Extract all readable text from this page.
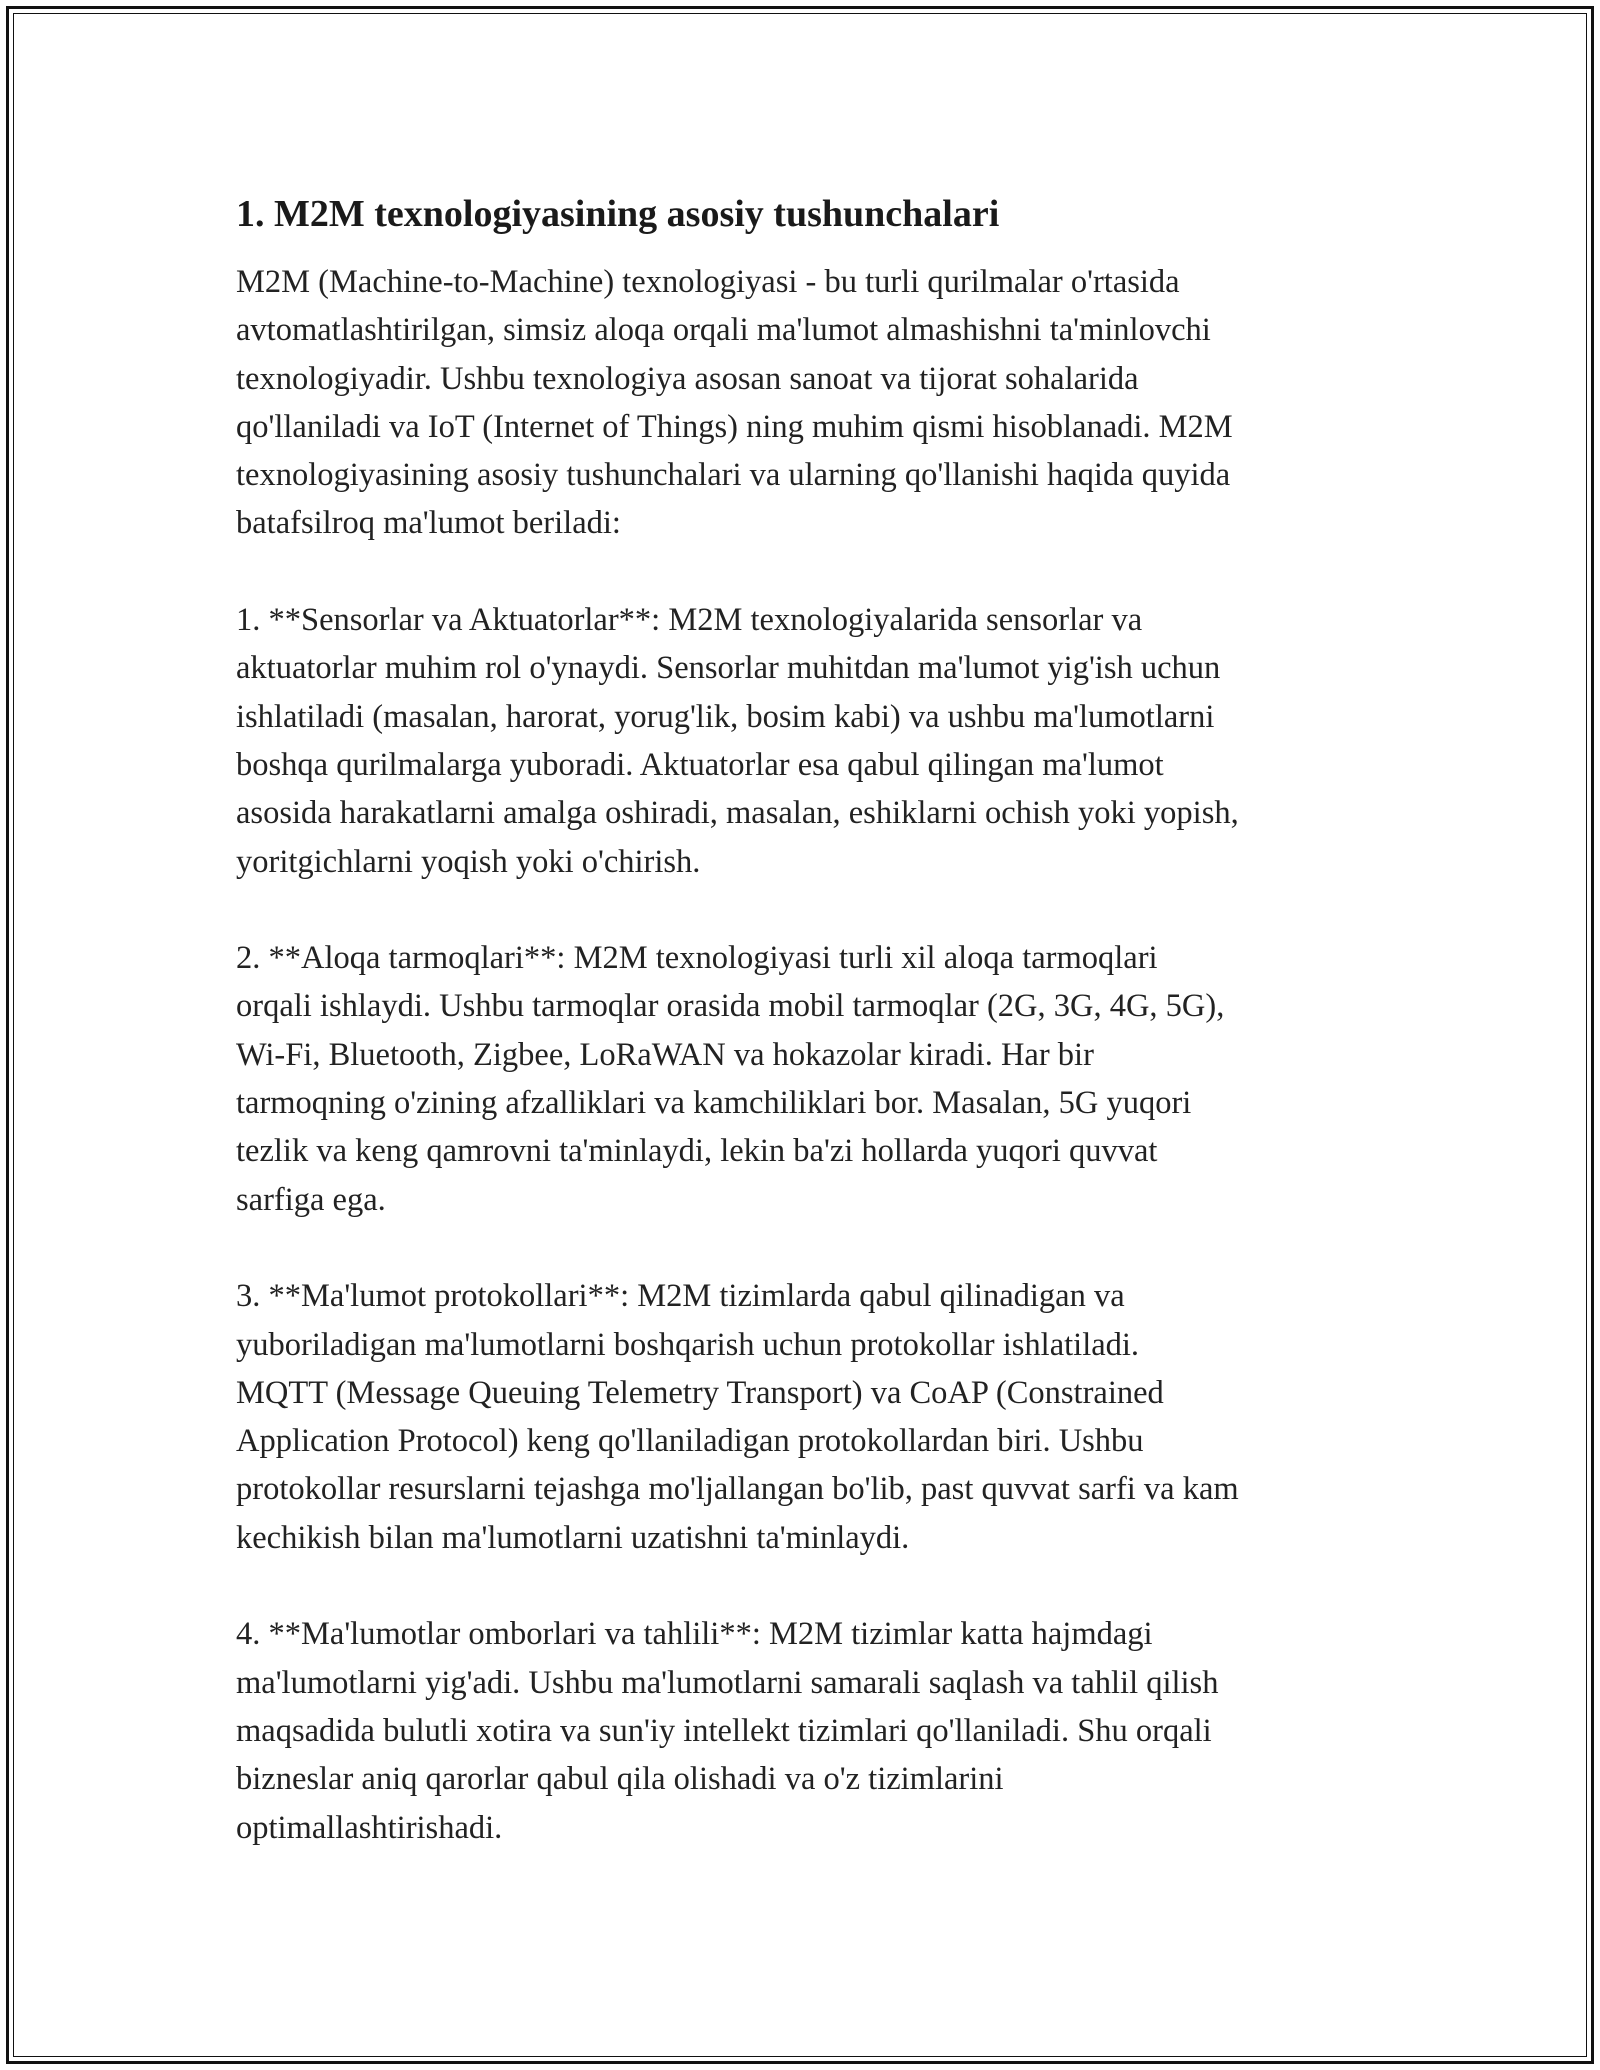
1. M2M texnologiyasining asosiy tushunchalari

M2M (Machine-to-Machine) texnologiyasi - bu turli qurilmalar o'rtasida
avtomatlashtirilgan, simsiz aloqa orqali ma'lumot almashishni ta'minlovchi
texnologiyadir. Ushbu texnologiya asosan sanoat va tijorat sohalarida
qo'llaniladi va IoT (Internet of Things) ning muhim qismi hisoblanadi. M2M
texnologiyasining asosiy tushunchalari va ularning qo'llanishi haqida quyida
batafsilroq ma'lumot beriladi:

1. **Sensorlar va Aktuatorlar**: M2M texnologiyalarida sensorlar va
aktuatorlar muhim rol o'ynaydi. Sensorlar muhitdan ma'lumot yig'ish uchun
ishlatiladi (masalan, harorat, yorug'lik, bosim kabi) va ushbu ma'lumotlarni
boshqa qurilmalarga yuboradi. Aktuatorlar esa qabul qilingan ma'lumot
asosida harakatlarni amalga oshiradi, masalan, eshiklarni ochish yoki yopish,
yoritgichlarni yoqish yoki o'chirish.

2. **Aloqa tarmoqlari**: M2M texnologiyasi turli xil aloqa tarmoqlari
orqali ishlaydi. Ushbu tarmoqlar orasida mobil tarmoqlar (2G, 3G, 4G, 5G),
Wi-Fi, Bluetooth, Zigbee, LoRaWAN va hokazolar kiradi. Har bir
tarmoqning o'zining afzalliklari va kamchiliklari bor. Masalan, 5G yuqori
tezlik va keng qamrovni ta'minlaydi, lekin ba'zi hollarda yuqori quvvat
sarfiga ega.

3. **Ma'lumot protokollari**: M2M tizimlarda qabul qilinadigan va
yuboriladigan ma'lumotlarni boshqarish uchun protokollar ishlatiladi.
MQTT (Message Queuing Telemetry Transport) va CoAP (Constrained
Application Protocol) keng qo'llaniladigan protokollardan biri. Ushbu
protokollar resurslarni tejashga mo'ljallangan bo'lib, past quvvat sarfi va kam
kechikish bilan ma'lumotlarni uzatishni ta'minlaydi.

4. **Ma'lumotlar omborlari va tahlili**: M2M tizimlar katta hajmdagi
ma'lumotlarni yig'adi. Ushbu ma'lumotlarni samarali saqlash va tahlil qilish
maqsadida bulutli xotira va sun'iy intellekt tizimlari qo'llaniladi. Shu orqali
bizneslar aniq qarorlar qabul qila olishadi va o'z tizimlarini
optimallashtirishadi.
